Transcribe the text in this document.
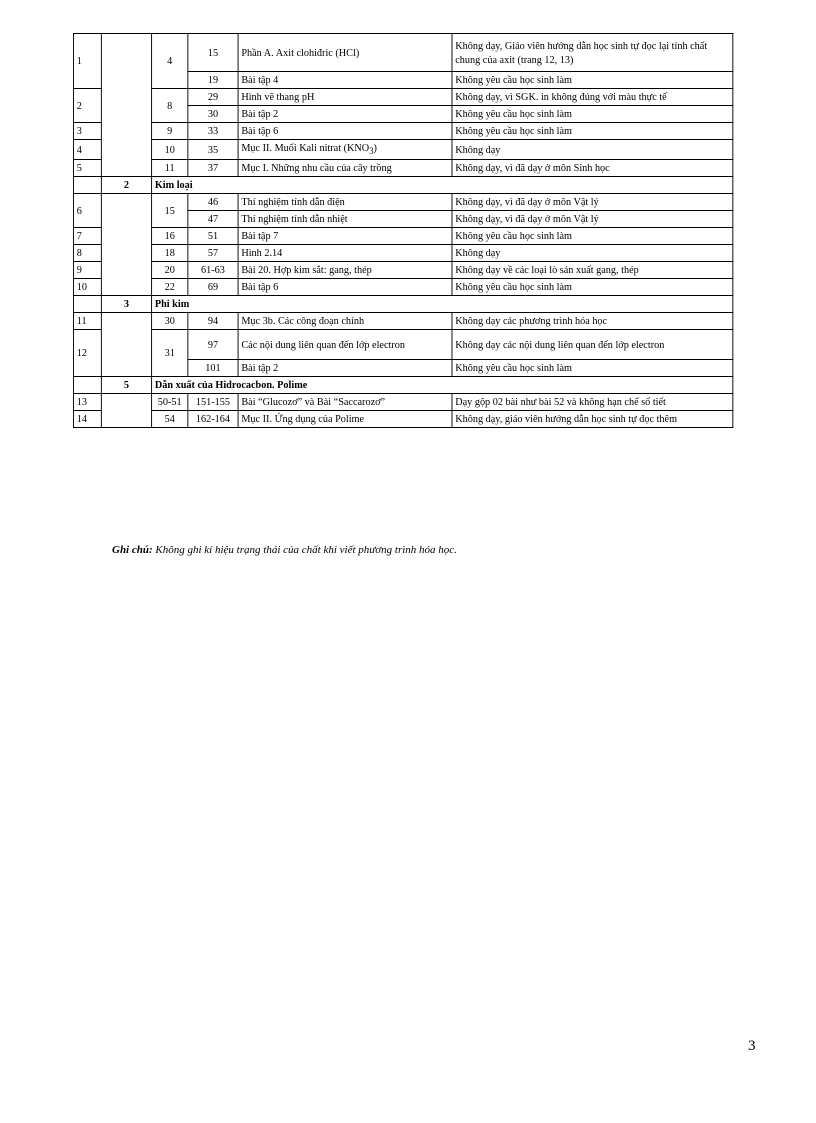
1		4	15	Phần A. Axit clohiđric (HCl)	Không dạy, Giáo viên hướng dẫn học sinh tự đọc lại tính chất chung của axit (trang 12, 13)
			19	Bài tập 4	Không yêu cầu học sinh làm
2		8	29	Hình vẽ thang pH	Không dạy, vì SGK. in không đúng với màu thực tế
			30	Bài tập 2	Không yêu cầu học sinh làm
3		9	33	Bài tập 6	Không yêu cầu học sinh làm
4		10	35	Mục II. Muối Kali nitrat $(KNO_3)$	Không dạy
5		11	37	Mục I. Những nhu cầu của cây trồng	Không dạy, vì đã dạy ở môn Sinh học
	2	Kim loại			
6		15	46	Thí nghiệm tính dẫn điện	Không dạy, vì đã dạy ở môn Vật lý
			47	Thí nghiệm tính dẫn nhiệt	Không dạy, vì đã dạy ở môn Vật lý
7		16	51	Bài tập 7	Không yêu cầu học sinh làm
8		18	57	Hình 2.14	Không dạy
9		20	61-63	Bài 20. Hợp kim sắt: gang, thép	Không dạy về các loại lò sản xuất gang, thép
10		22	69	Bài tập 6	Không yêu cầu học sinh làm
	3	Phi kim			
11		30	94	Mục 3b. Các công đoạn chính	Không dạy các phương trình hóa học
12		31	97	Các nội dung liên quan đến lớp electron	Không dạy các nội dung liên quan đến lớp electron
			101	Bài tập 2	Không yêu cầu học sinh làm
	5	Dẫn xuất của Hidrocacbon. Polime			
13		50-51	151-155	Bài “Glucozơ” và Bài “Saccarozơ”	Dạy gộp 02 bài như bài 52 và không hạn chế số tiết
14		54	162-164	Mục II. Ứng dụng của Polime	Không dạy, giáo viên hướng dẫn học sinh tự đọc thêm
Ghi chú: Không ghi kí hiệu trạng thái của chất khi viết phương trình hóa học.
3
